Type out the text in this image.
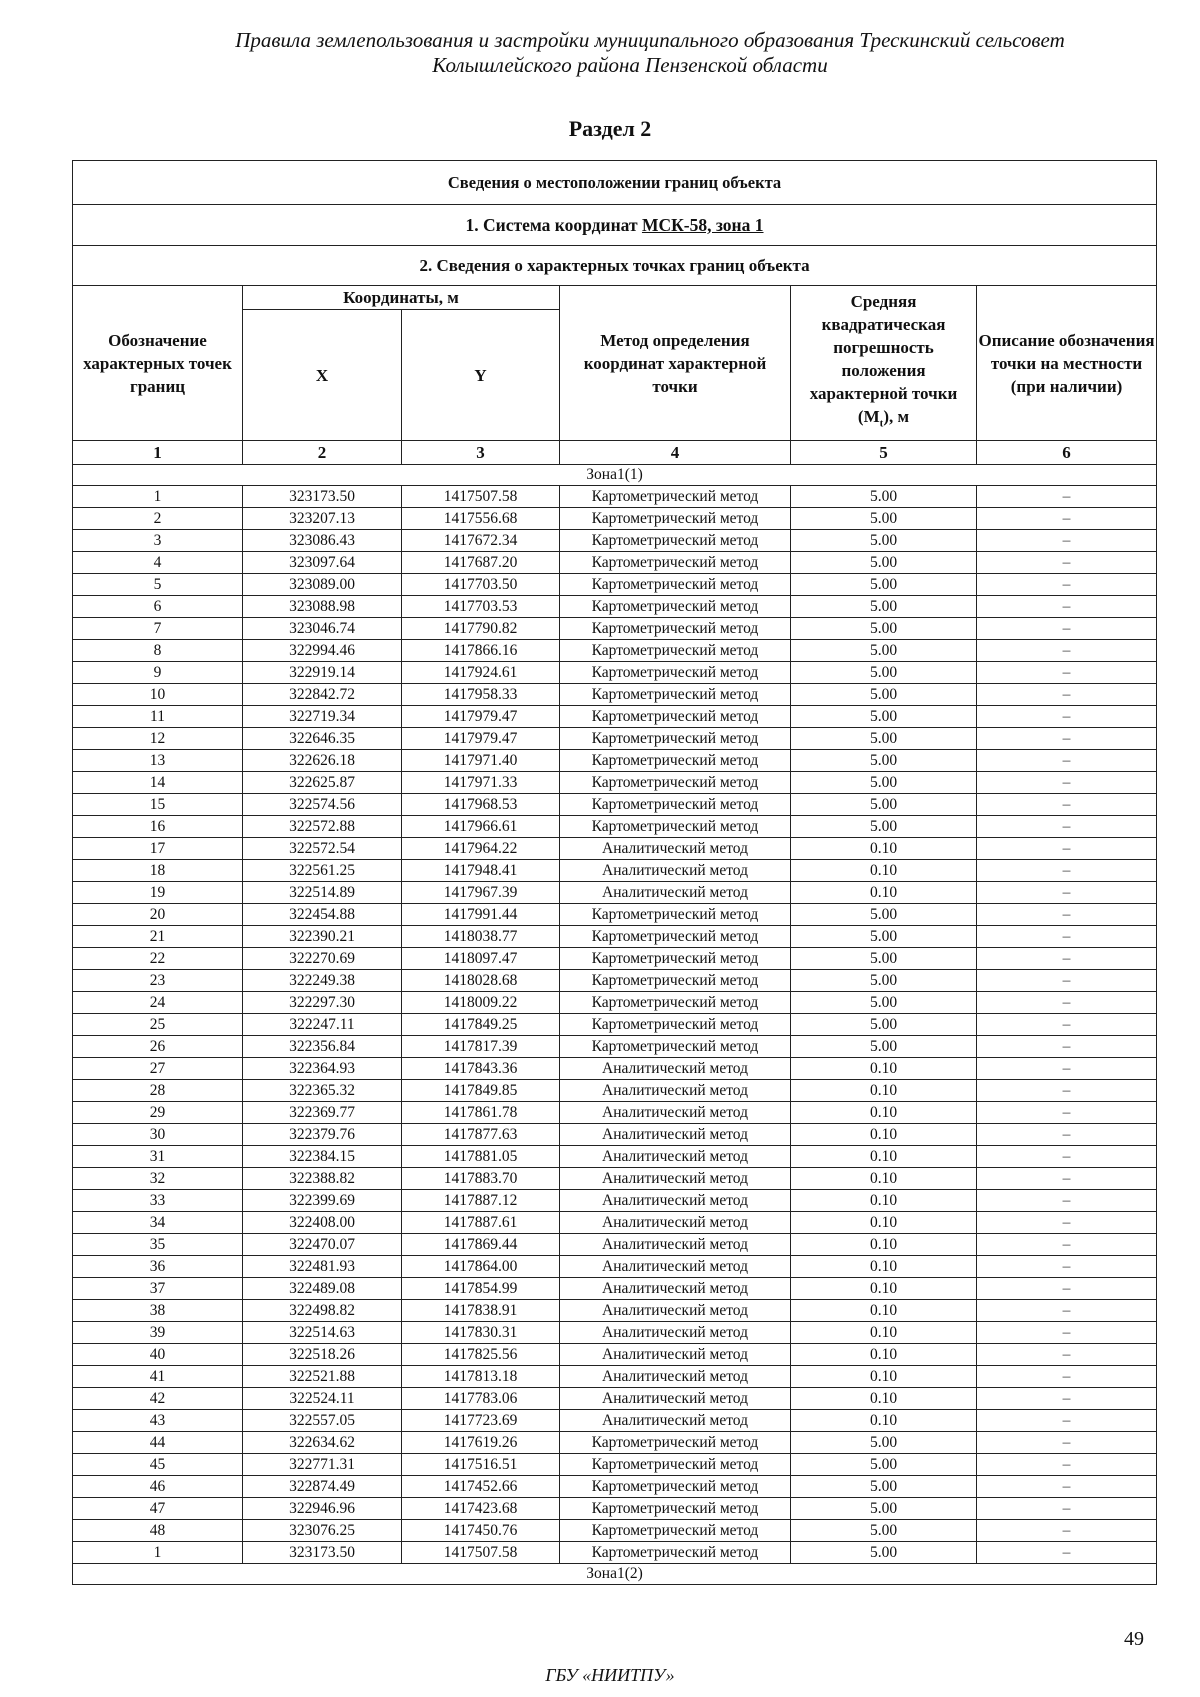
Правила землепользования и застройки муниципального образования Трескинский сельсовет
Колышлейского района Пензенской области
Раздел 2
Сведения о местоположении границ объекта					
1. Система координат МСК-58, зона 1					
2. Сведения о характерных точках границ объекта					
Обозначение характерных точек границ	Координаты, м		Метод определения координат характерной точки	Средняя квадратическая погрешность положения характерной точки $(M_t)$, м	Описание обозначения точки на местности (при наличии)
	X	Y			
1	2	3	4	5	6
Зона1(1)					
1	323173.50	1417507.58	Картометрический метод	5.00	–
2	323207.13	1417556.68	Картометрический метод	5.00	–
3	323086.43	1417672.34	Картометрический метод	5.00	–
4	323097.64	1417687.20	Картометрический метод	5.00	–
5	323089.00	1417703.50	Картометрический метод	5.00	–
6	323088.98	1417703.53	Картометрический метод	5.00	–
7	323046.74	1417790.82	Картометрический метод	5.00	–
8	322994.46	1417866.16	Картометрический метод	5.00	–
9	322919.14	1417924.61	Картометрический метод	5.00	–
10	322842.72	1417958.33	Картометрический метод	5.00	–
11	322719.34	1417979.47	Картометрический метод	5.00	–
12	322646.35	1417979.47	Картометрический метод	5.00	–
13	322626.18	1417971.40	Картометрический метод	5.00	–
14	322625.87	1417971.33	Картометрический метод	5.00	–
15	322574.56	1417968.53	Картометрический метод	5.00	–
16	322572.88	1417966.61	Картометрический метод	5.00	–
17	322572.54	1417964.22	Аналитический метод	0.10	–
18	322561.25	1417948.41	Аналитический метод	0.10	–
19	322514.89	1417967.39	Аналитический метод	0.10	–
20	322454.88	1417991.44	Картометрический метод	5.00	–
21	322390.21	1418038.77	Картометрический метод	5.00	–
22	322270.69	1418097.47	Картометрический метод	5.00	–
23	322249.38	1418028.68	Картометрический метод	5.00	–
24	322297.30	1418009.22	Картометрический метод	5.00	–
25	322247.11	1417849.25	Картометрический метод	5.00	–
26	322356.84	1417817.39	Картометрический метод	5.00	–
27	322364.93	1417843.36	Аналитический метод	0.10	–
28	322365.32	1417849.85	Аналитический метод	0.10	–
29	322369.77	1417861.78	Аналитический метод	0.10	–
30	322379.76	1417877.63	Аналитический метод	0.10	–
31	322384.15	1417881.05	Аналитический метод	0.10	–
32	322388.82	1417883.70	Аналитический метод	0.10	–
33	322399.69	1417887.12	Аналитический метод	0.10	–
34	322408.00	1417887.61	Аналитический метод	0.10	–
35	322470.07	1417869.44	Аналитический метод	0.10	–
36	322481.93	1417864.00	Аналитический метод	0.10	–
37	322489.08	1417854.99	Аналитический метод	0.10	–
38	322498.82	1417838.91	Аналитический метод	0.10	–
39	322514.63	1417830.31	Аналитический метод	0.10	–
40	322518.26	1417825.56	Аналитический метод	0.10	–
41	322521.88	1417813.18	Аналитический метод	0.10	–
42	322524.11	1417783.06	Аналитический метод	0.10	–
43	322557.05	1417723.69	Аналитический метод	0.10	–
44	322634.62	1417619.26	Картометрический метод	5.00	–
45	322771.31	1417516.51	Картометрический метод	5.00	–
46	322874.49	1417452.66	Картометрический метод	5.00	–
47	322946.96	1417423.68	Картометрический метод	5.00	–
48	323076.25	1417450.76	Картометрический метод	5.00	–
1	323173.50	1417507.58	Картометрический метод	5.00	–
Зона1(2)					
49
ГБУ «НИИТПУ»
